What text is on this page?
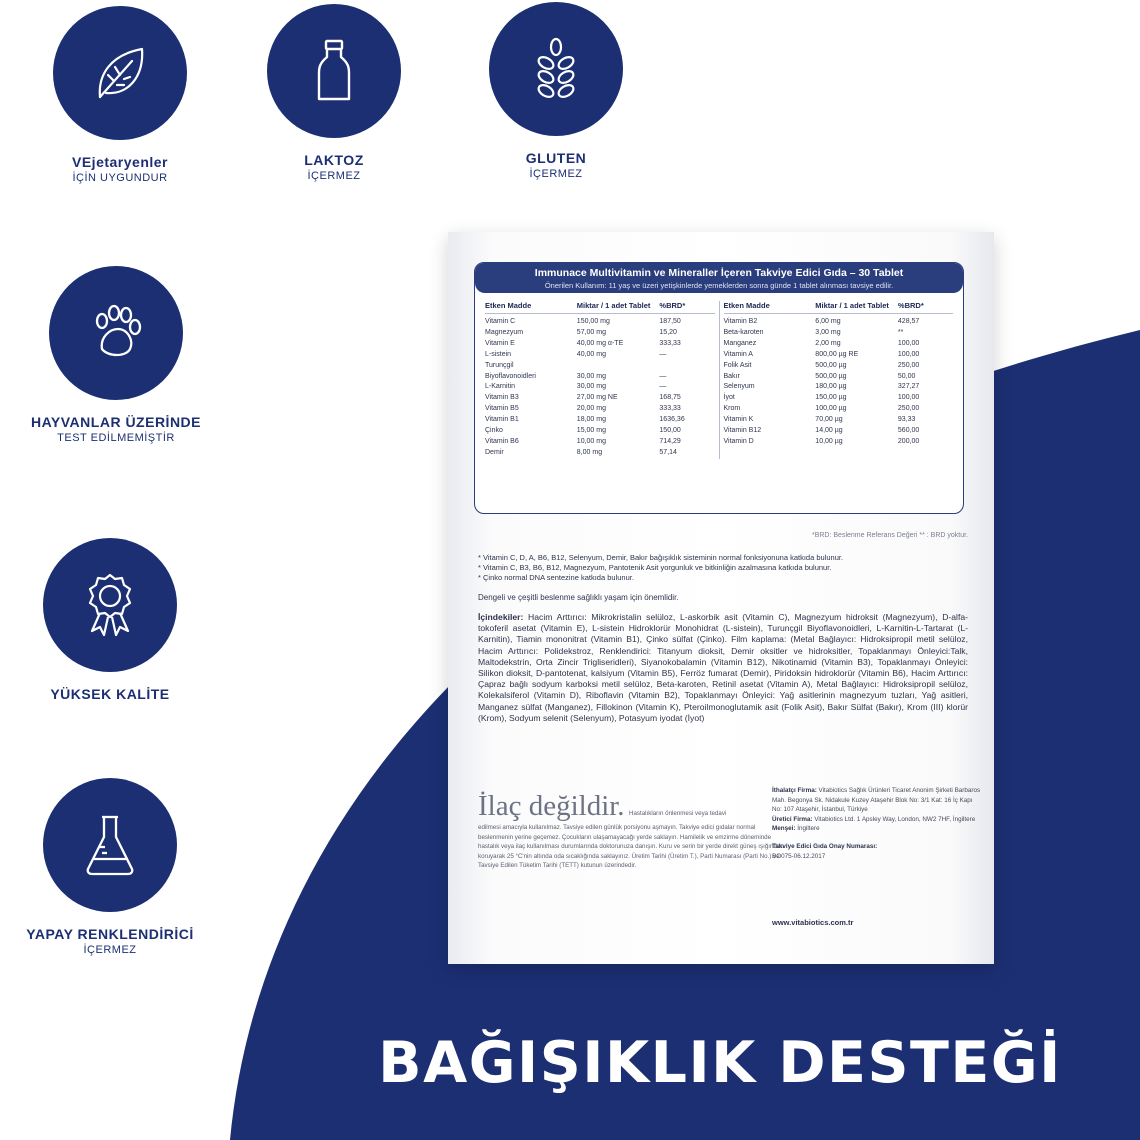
VEjetaryenler
İÇİN UYGUNDUR
LAKTOZ
İÇERMEZ
GLUTEN
İÇERMEZ
HAYVANLAR ÜZERİNDE
TEST EDİLMEMİŞTİR
YÜKSEK KALİTE
YAPAY RENKLENDİRİCİ
İÇERMEZ
Immunace Multivitamin ve Mineraller İçeren Takviye Edici Gıda – 30 Tablet
Önerilen Kullanım: 11 yaş ve üzeri yetişkinlerde yemeklerden sonra günde 1 tablet alınması tavsiye edilir.
Etken Madde	Miktar / 1 adet Tablet	%BRD*
Vitamin C	150,00 mg	187,50
Magnezyum	57,00 mg	15,20
Vitamin E	40,00 mg α-TE	333,33
L-sistein	40,00 mg	—
Turunçgil
Biyoflavonoidleri	30,00 mg	—
L-Karnitin	30,00 mg	—
Vitamin B3	27,00 mg NE	168,75
Vitamin B5	20,00 mg	333,33
Vitamin B1	18,00 mg	1636,36
Çinko	15,00 mg	150,00
Vitamin B6	10,00 mg	714,29
Demir	8,00 mg	57,14
Etken Madde	Miktar / 1 adet Tablet	%BRD*
Vitamin B2	6,00 mg	428,57
Beta-karoten	3,00 mg	**
Manganez	2,00 mg	100,00
Vitamin A	800,00 µg RE	100,00
Folik Asit	500,00 µg	250,00
Bakır	500,00 µg	50,00
Selenyum	180,00 µg	327,27
İyot	150,00 µg	100,00
Krom	100,00 µg	250,00
Vitamin K	70,00 µg	93,33
Vitamin B12	14,00 µg	560,00
Vitamin D	10,00 µg	200,00
*BRD: Beslenme Referans Değeri ** : BRD yoktur.
* Vitamin C, D, A, B6, B12, Selenyum, Demir, Bakır bağışıklık sisteminin normal fonksiyonuna katkıda bulunur.
* Vitamin C, B3, B6, B12, Magnezyum, Pantotenik Asit yorgunluk ve bitkinliğin azalmasına katkıda bulunur.
* Çinko normal DNA sentezine katkıda bulunur.
Dengeli ve çeşitli beslenme sağlıklı yaşam için önemlidir.
İçindekiler: Hacim Arttırıcı: Mikrokristalin selüloz, L-askorbik asit (Vitamin C), Magnezyum hidroksit (Magnezyum), D-alfa-tokoferil asetat (Vitamin E), L-sistein Hidroklorür Monohidrat (L-sistein), Turunçgil Biyoflavonoidleri, L-Karnitin-L-Tartarat (L-Karnitin), Tiamin mononitrat (Vitamin B1), Çinko sülfat (Çinko). Film kaplama: (Metal Bağlayıcı: Hidroksipropil metil selüloz, Hacim Arttırıcı: Polidekstroz, Renklendirici: Titanyum dioksit, Demir oksitler ve hidroksitler, Topaklanmayı Önleyici:Talk, Maltodekstrin, Orta Zincir Trigliseridleri), Siyanokobalamin (Vitamin B12), Nikotinamid (Vitamin B3), Topaklanmayı Önleyici: Silikon dioksit, D-pantotenat, kalsiyum (Vitamin B5), Ferröz fumarat (Demir), Piridoksin hidroklorür (Vitamin B6), Hacim Arttırıcı: Çapraz bağlı sodyum karboksi metil selüloz, Beta-karoten, Retinil asetat (Vitamin A), Metal Bağlayıcı: Hidroksipropil selüloz, Kolekalsiferol (Vitamin D), Riboflavin (Vitamin B2), Topaklanmayı Önleyici: Yağ asitlerinin magnezyum tuzları, Yağ asitleri, Manganez sülfat (Manganez), Fillokinon (Vitamin K), Pteroilmonoglutamik asit (Folik Asit), Bakır Sülfat (Bakır), Krom (III) klorür (Krom), Sodyum selenit (Selenyum), Potasyum iyodat (İyot)
İlaç değildir. Hastalıkların önlenmesi veya tedavi
edilmesi amacıyla kullanılmaz. Tavsiye edilen günlük porsiyonu aşmayın. Takviye edici gıdalar normal beslenmenin yerine geçemez. Çocukların ulaşamayacağı yerde saklayın. Hamilelik ve emzirme döneminde hastalık veya ilaç kullanılması durumlarında doktorunuza danışın. Kuru ve serin bir yerde direkt güneş ışığından koruyarak 25 °C'nin altında oda sıcaklığında saklayınız. Üretim Tarihi (Üretim T.), Parti Numarası (Parti No.) ve Tavsiye Edilen Tüketim Tarihi (TETT) kutunun üzerindedir.
İthalatçı Firma: Vitabiotics Sağlık Ürünleri Ticaret Anonim Şirketi Barbaros Mah. Begonya Sk. Nidakule Kuzey Ataşehir Blok No: 3/1 Kat: 16 İç Kapı No: 107 Ataşehir, İstanbul, Türkiye
Üretici Firma: Vitabiotics Ltd. 1 Apsley Way, London, NW2 7HF, İngiltere
Menşei: İngiltere
Takviye Edici Gıda Onay Numarası:
BO075-06.12.2017
www.vitabiotics.com.tr
BAĞIŞIKLIK DESTEĞİ
